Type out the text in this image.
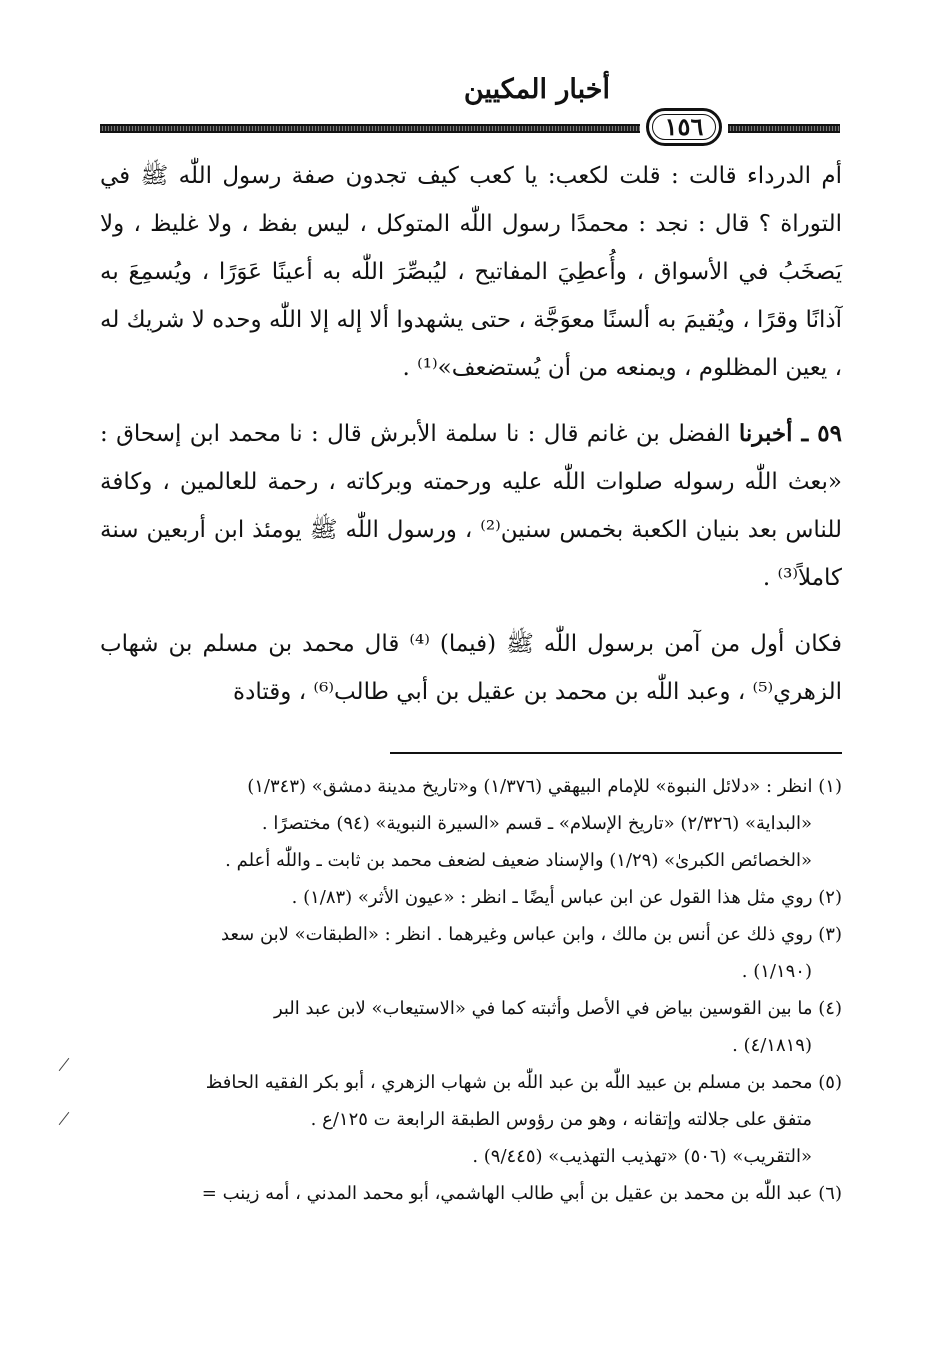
أخبار المكيين
١٥٦

أم الدرداء قالت : قلت لكعب: يا كعب كيف تجدون صفة رسول اللّٰه ﷺ في التوراة ؟ قال : نجد : محمدًا رسول اللّٰه المتوكل ، ليس بفظ ، ولا غليظ ، ولا يَصخَبُ في الأسواق ، وأُعطِيَ المفاتيح ، ليُبصِّرَ اللّٰه به أعينًا عَوَرًا ، ويُسمِعَ به آذانًا وقرًا ، ويُقيمَ به ألسنًا معوَجَّة ، حتى يشهدوا ألا إله إلا اللّٰه وحده لا شريك له ، يعين المظلوم ، ويمنعه من أن يُستضعف»⁽¹⁾ .

٥٩ ـ أخبرنا الفضل بن غانم قال : نا سلمة الأبرش قال : نا محمد ابن إسحاق : «بعث اللّٰه رسوله صلوات اللّٰه عليه ورحمته وبركاته ، رحمة للعالمين ، وكافة للناس بعد بنيان الكعبة بخمس سنين⁽²⁾ ، ورسول اللّٰه ﷺ يومئذ ابن أربعين سنة كاملاً⁽³⁾ .

فكان أول من آمن برسول اللّٰه ﷺ (فيما) ⁽⁴⁾ قال محمد بن مسلم بن شهاب الزهري⁽⁵⁾ ، وعبد اللّٰه بن محمد بن عقيل بن أبي طالب⁽⁶⁾ ، وقتادة

(١) انظر : «دلائل النبوة» للإمام البيهقي (١/٣٧٦) و«تاريخ مدينة دمشق» (١/٣٤٣)
«البداية» (٢/٣٢٦) «تاريخ الإسلام» ـ قسم «السيرة النبوية» (٩٤) مختصرًا .
«الخصائص الكبرىٰ» (١/٢٩) والإسناد ضعيف لضعف محمد بن ثابت ـ واللّٰه أعلم .
(٢) روي مثل هذا القول عن ابن عباس أيضًا ـ انظر : «عيون الأثر» (١/٨٣) .
(٣) روي ذلك عن أنس بن مالك ، وابن عباس وغيرهما . انظر : «الطبقات» لابن سعد
(١/١٩٠) .
(٤) ما بين القوسين بياض في الأصل وأثبته كما في «الاستيعاب» لابن عبد البر
(٤/١٨١٩) .
(٥) محمد بن مسلم بن عبيد اللّٰه بن عبد اللّٰه بن شهاب الزهري ، أبو بكر الفقيه الحافظ
متفق على جلالته وإتقانه ، وهو من رؤوس الطبقة الرابعة ت ١٢٥/ع .
«التقريب» (٥٠٦) «تهذيب التهذيب» (٩/٤٤٥) .
(٦) عبد اللّٰه بن محمد بن عقيل بن أبي طالب الهاشمي، أبو محمد المدني ، أمه زينب =
